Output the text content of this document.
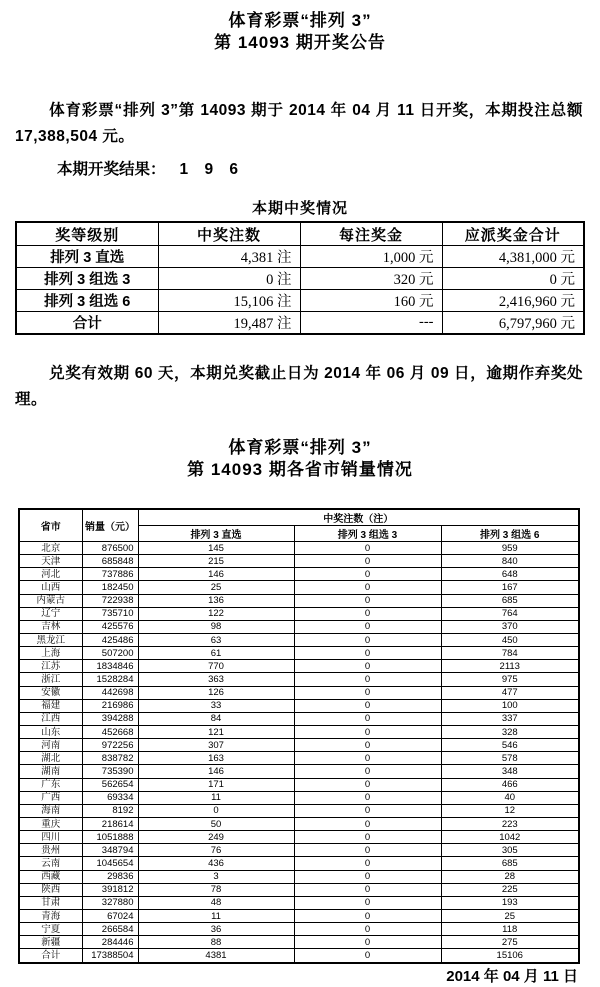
体育彩票“排列 3”
第 14093 期开奖公告

体育彩票“排列 3”第 14093 期于 2014 年 04 月 11 日开奖，本期投注总额 17,388,504 元。

本期开奖结果： 1 9 6
本期中奖情况
奖等级别	中奖注数	每注奖金	应派奖金合计
排列 3 直选	4,381 注	1,000 元	4,381,000 元
排列 3 组选 3	0 注	320 元	0 元
排列 3 组选 6	15,106 注	160 元	2,416,960 元
合计	19,487 注	---	6,797,960 元

兑奖有效期 60 天，本期兑奖截止日为 2014 年 06 月 09 日，逾期作弃奖处理。

体育彩票“排列 3”
第 14093 期各省市销量情况
省市	销量（元）	中奖注数（注）		
		排列 3 直选	排列 3 组选 3	排列 3 组选 6
北京	876500	145	0	959
天津	685848	215	0	840
河北	737886	146	0	648
山西	182450	25	0	167
内蒙古	722938	136	0	685
辽宁	735710	122	0	764
吉林	425576	98	0	370
黑龙江	425486	63	0	450
上海	507200	61	0	784
江苏	1834846	770	0	2113
浙江	1528284	363	0	975
安徽	442698	126	0	477
福建	216986	33	0	100
江西	394288	84	0	337
山东	452668	121	0	328
河南	972256	307	0	546
湖北	838782	163	0	578
湖南	735390	146	0	348
广东	562654	171	0	466
广西	69334	11	0	40
海南	8192	0	0	12
重庆	218614	50	0	223
四川	1051888	249	0	1042
贵州	348794	76	0	305
云南	1045654	436	0	685
西藏	29836	3	0	28
陕西	391812	78	0	225
甘肃	327880	48	0	193
青海	67024	11	0	25
宁夏	266584	36	0	118
新疆	284446	88	0	275
合计	17388504	4381	0	15106
2014 年 04 月 11 日
